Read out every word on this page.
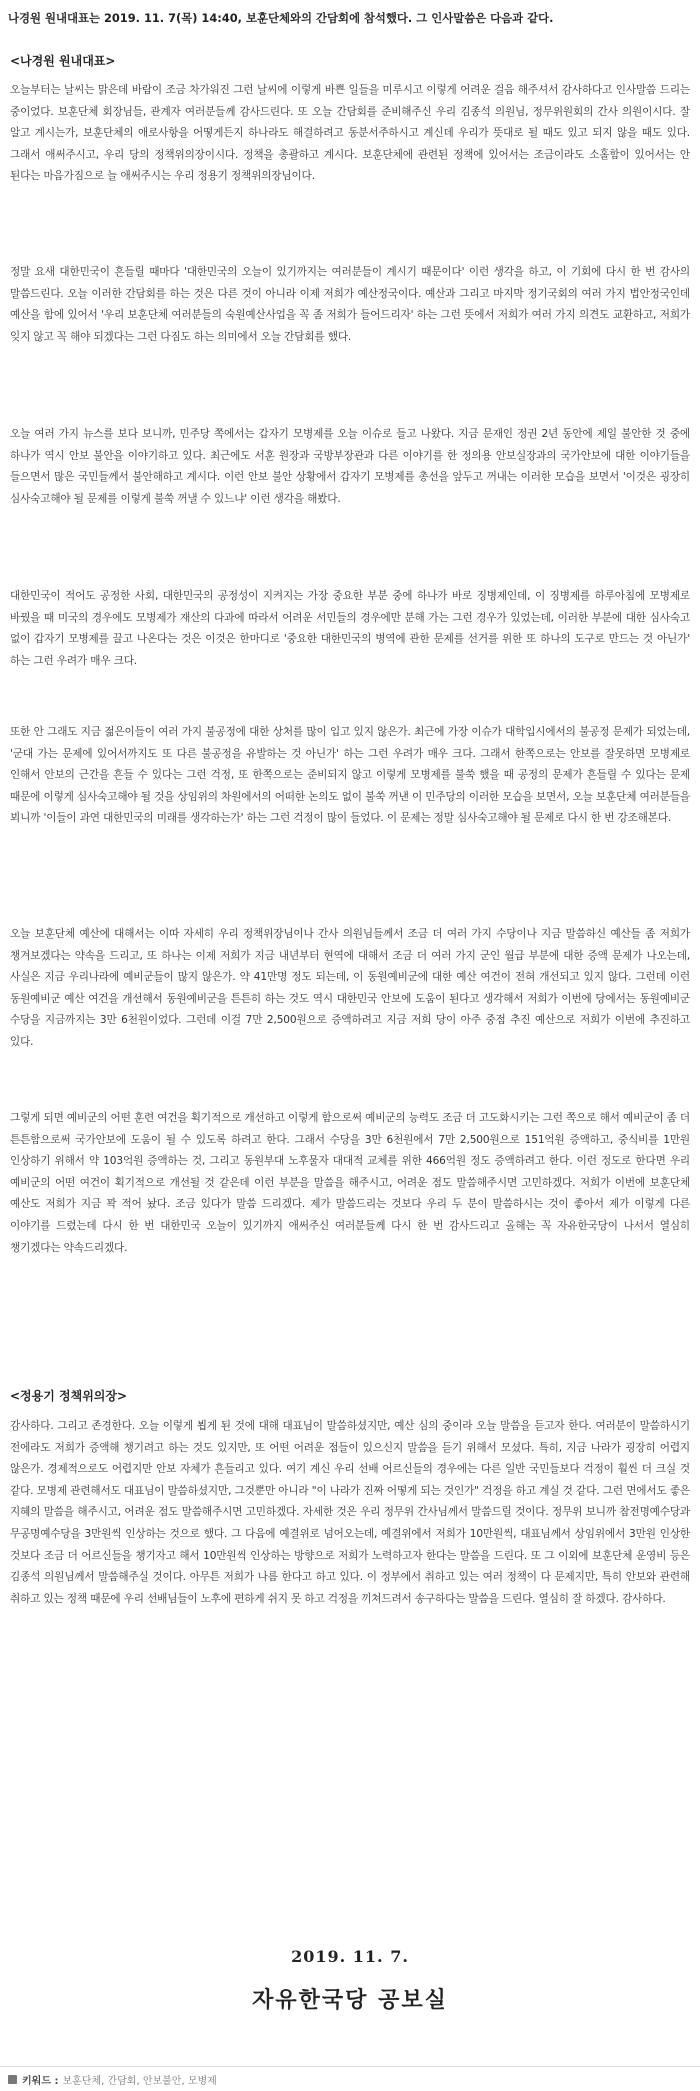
나경원 원내대표는 2019. 11. 7(목) 14:40, 보훈단체와의 간담회에 참석했다. 그 인사말씀은 다음과 같다.
<나경원 원내대표>

오늘부터는 날씨는 맑은데 바람이 조금 차가워진 그런 날씨에 이렇게 바쁜 일들을 미루시고 이렇게 어려운 걸음 해주셔서 감사하다고 인사말씀 드리는 중이었다. 보훈단체 회장님들, 관계자 여러분들께 감사드린다. 또 오늘 간담회를 준비해주신 우리 김종석 의원님, 정무위원회의 간사 의원이시다. 잘 알고 계시는가, 보훈단체의 애로사항을 어떻게든지 하나라도 해결하려고 동분서주하시고 계신데 우리가 뜻대로 될 때도 있고 되지 않을 때도 있다. 그래서 애써주시고, 우리 당의 정책위의장이시다. 정책을 총괄하고 계시다. 보훈단체에 관련된 정책에 있어서는 조금이라도 소홀함이 있어서는 안 된다는 마음가짐으로 늘 애써주시는 우리 정용기 정책위의장님이다.

정말 요새 대한민국이 흔들릴 때마다 '대한민국의 오늘이 있기까지는 여러분들이 계시기 때문이다' 이런 생각을 하고, 이 기회에 다시 한 번 감사의 말씀드린다. 오늘 이러한 간담회를 하는 것은 다른 것이 아니라 이제 저희가 예산정국이다. 예산과 그리고 마지막 정기국회의 여러 가지 법안정국인데 예산을 함에 있어서 '우리 보훈단체 여러분들의 숙원예산사업을 꼭 좀 저희가 들어드리자' 하는 그런 뜻에서 저희가 여러 가지 의견도 교환하고, 저희가 잊지 않고 꼭 해야 되겠다는 그런 다짐도 하는 의미에서 오늘 간담회를 했다.

오늘 여러 가지 뉴스를 보다 보니까, 민주당 쪽에서는 갑자기 모병제를 오늘 이슈로 들고 나왔다. 지금 문재인 정권 2년 동안에 제일 불안한 것 중에 하나가 역시 안보 불안을 이야기하고 있다. 최근에도 서훈 원장과 국방부장관과 다른 이야기를 한 정의용 안보실장과의 국가안보에 대한 이야기들을 들으면서 많은 국민들께서 불안해하고 계시다. 이런 안보 불안 상황에서 갑자기 모병제를 총선을 앞두고 꺼내는 이러한 모습을 보면서 '이것은 굉장히 심사숙고해야 될 문제를 이렇게 불쑥 꺼낼 수 있느냐' 이런 생각을 해봤다.

대한민국이 적어도 공정한 사회, 대한민국의 공정성이 지켜지는 가장 중요한 부분 중에 하나가 바로 징병제인데, 이 징병제를 하루아침에 모병제로 바꿨을 때 미국의 경우에도 모병제가 재산의 다과에 따라서 어려운 서민들의 경우에만 분해 가는 그런 경우가 있었는데, 이러한 부분에 대한 심사숙고 없이 갑자기 모병제를 끌고 나온다는 것은 이것은 한마디로 '중요한 대한민국의 병역에 관한 문제를 선거를 위한 또 하나의 도구로 만드는 것 아닌가' 하는 그런 우려가 매우 크다.

또한 안 그래도 지금 젊은이들이 여러 가지 불공정에 대한 상처를 많이 입고 있지 않은가. 최근에 가장 이슈가 대학입시에서의 불공정 문제가 되었는데, '군대 가는 문제에 있어서까지도 또 다른 불공정을 유발하는 것 아닌가' 하는 그런 우려가 매우 크다. 그래서 한쪽으로는 안보를 잘못하면 모병제로 인해서 안보의 근간을 흔들 수 있다는 그런 걱정, 또 한쪽으로는 준비되지 않고 이렇게 모병제를 불쑥 했을 때 공정의 문제가 흔들릴 수 있다는 문제 때문에 이렇게 심사숙고해야 될 것을 상임위의 차원에서의 어떠한 논의도 없이 불쑥 꺼낸 이 민주당의 이러한 모습을 보면서, 오늘 보훈단체 여러분들을 뵈니까 '이들이 과연 대한민국의 미래를 생각하는가' 하는 그런 걱정이 많이 들었다. 이 문제는 정말 심사숙고해야 될 문제로 다시 한 번 강조해본다.

오늘 보훈단체 예산에 대해서는 이따 자세히 우리 정책위장님이나 간사 의원님들께서 조금 더 여러 가지 수당이나 지금 말씀하신 예산들 좀 저희가 챙겨보겠다는 약속을 드리고, 또 하나는 이제 저희가 지금 내년부터 현역에 대해서 조금 더 여러 가지 군인 월급 부분에 대한 증액 문제가 나오는데, 사실은 지금 우리나라에 예비군들이 많지 않은가. 약 41만명 정도 되는데, 이 동원예비군에 대한 예산 여건이 전혀 개선되고 있지 않다. 그런데 이런 동원예비군 예산 여건을 개선해서 동원예비군을 튼튼히 하는 것도 역시 대한민국 안보에 도움이 된다고 생각해서 저희가 이번에 당에서는 동원예비군 수당을 지금까지는 3만 6천원이었다. 그런데 이걸 7만 2,500원으로 증액하려고 지금 저희 당이 아주 중점 추진 예산으로 저희가 이번에 추진하고 있다.

그렇게 되면 예비군의 어떤 훈련 여건을 획기적으로 개선하고 이렇게 함으로써 예비군의 능력도 조금 더 고도화시키는 그런 쪽으로 해서 예비군이 좀 더 튼튼함으로써 국가안보에 도움이 될 수 있도록 하려고 한다. 그래서 수당을 3만 6천원에서 7만 2,500원으로 151억원 증액하고, 중식비를 1만원 인상하기 위해서 약 103억원 증액하는 것, 그리고 동원부대 노후물자 대대적 교체를 위한 466억원 정도 증액하려고 한다. 이런 정도로 한다면 우리 예비군의 어떤 여건이 획기적으로 개선될 것 같은데 이런 부분을 말씀을 해주시고, 어려운 점도 말씀해주시면 고민하겠다. 저희가 이번에 보훈단체 예산도 저희가 지금 꽉 적어 놨다. 조금 있다가 말씀 드리겠다. 제가 말씀드리는 것보다 우리 두 분이 말씀하시는 것이 좋아서 제가 이렇게 다른 이야기를 드렸는데 다시 한 번 대한민국 오늘이 있기까지 애써주신 여러분들께 다시 한 번 감사드리고 올해는 꼭 자유한국당이 나서서 열심히 챙기겠다는 약속드리겠다.

<정용기 정책위의장>

감사하다. 그리고 존경한다. 오늘 이렇게 뵙게 된 것에 대해 대표님이 말씀하셨지만, 예산 심의 중이라 오늘 말씀을 듣고자 한다. 여러분이 말씀하시기 전에라도 저희가 증액해 챙기려고 하는 것도 있지만, 또 어떤 어려운 점들이 있으신지 말씀을 듣기 위해서 모셨다. 특히, 지금 나라가 굉장히 어렵지 않은가. 경제적으로도 어렵지만 안보 자체가 흔들리고 있다. 여기 계신 우리 선배 어르신들의 경우에는 다른 일반 국민들보다 걱정이 훨씬 더 크실 것 같다. 모병제 관련해서도 대표님이 말씀하셨지만, 그것뿐만 아니라 "이 나라가 진짜 어떻게 되는 것인가" 걱정을 하고 계실 것 같다. 그런 면에서도 좋은 지혜의 말씀을 해주시고, 어려운 점도 말씀해주시면 고민하겠다. 자세한 것은 우리 정무위 간사님께서 말씀드릴 것이다. 정무위 보니까 참전명예수당과 무공명예수당을 3만원씩 인상하는 것으로 했다. 그 다음에 예결위로 넘어오는데, 예결위에서 저희가 10만원씩, 대표님께서 상임위에서 3만원 인상한 것보다 조금 더 어르신들을 챙기자고 해서 10만원씩 인상하는 방향으로 저희가 노력하고자 한다는 말씀을 드린다. 또 그 이외에 보훈단체 운영비 등은 김종석 의원님께서 말씀해주실 것이다. 아무튼 저희가 나름 한다고 하고 있다. 이 정부에서 취하고 있는 여러 정책이 다 문제지만, 특히 안보와 관련해 취하고 있는 정책 때문에 우리 선배님들이 노후에 편하게 쉬지 못 하고 걱정을 끼쳐드려서 송구하다는 말씀을 드린다. 열심히 잘 하겠다. 감사하다.

2019. 11. 7.
자유한국당 공보실
키워드 : 보훈단체 , 간담회 , 안보불안 , 모병제
